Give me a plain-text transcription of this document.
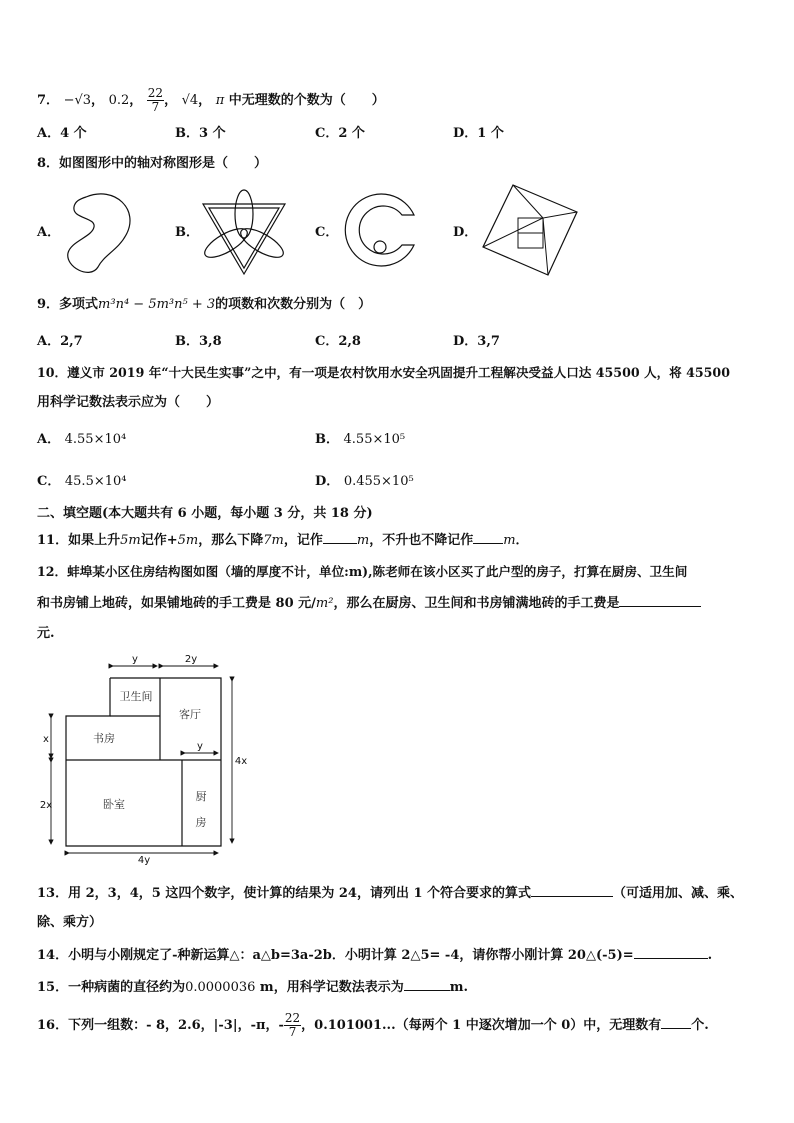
7． −√3， 0.2， $\frac{22}{7}$ ， √4， π 中无理数的个数为（　　）
A．4 个	B．3 个	C．2 个	D．1 个
8．如图图形中的轴对称图形是（　　）
A．	B．	C．	D．
9．多项式m³n⁴ − 5m³n⁵ + 3的项数和次数分别为（　）
A．2,7	B．3,8	C．2,8	D．3,7
10．遵义市 2019 年“十大民生实事”之中，有一项是农村饮用水安全巩固提升工程解决受益人口达 45500 人，将 45500
用科学记数法表示应为（　　）
A． 4.55×10⁴	B． 4.55×10⁵
C． 45.5×10⁴	D． 0.455×10⁵
二、填空题(本大题共有 6 小题，每小题 3 分，共 18 分)
11．如果上升5m记作+5m，那么下降7m，记作	m，不升也不降记作 m．
12．蚌埠某小区住房结构图如图（墙的厚度不计，单位:m),陈老师在该小区买了此户型的房子，打算在厨房、卫生间
和书房铺上地砖，如果铺地砖的手工费是 80 元/m²，那么在厨房、卫生间和书房铺满地砖的手工费是
元.
y	2y
x
4x
y
2x
4y
卫生间
客厅
书房
卧室
厨
房
13．用 2，3，4，5 这四个数字，使计算的结果为 24，请列出 1 个符合要求的算式	（可适用加、减、乘、
除、乘方）
14．小明与小刚规定了-种新运算△：a△b=3a-2b．小明计算 2△5= -4，请你帮小刚计算 20△(-5)=	.
15．一种病菌的直径约为0.0000036 m，用科学记数法表示为	m.
16．下列一组数：- 8，2.6，|-3|，-π，- $\frac{22}{7}$ ，0.101001...（每两个 1 中逐次增加一个 0）中，无理数有 个.
